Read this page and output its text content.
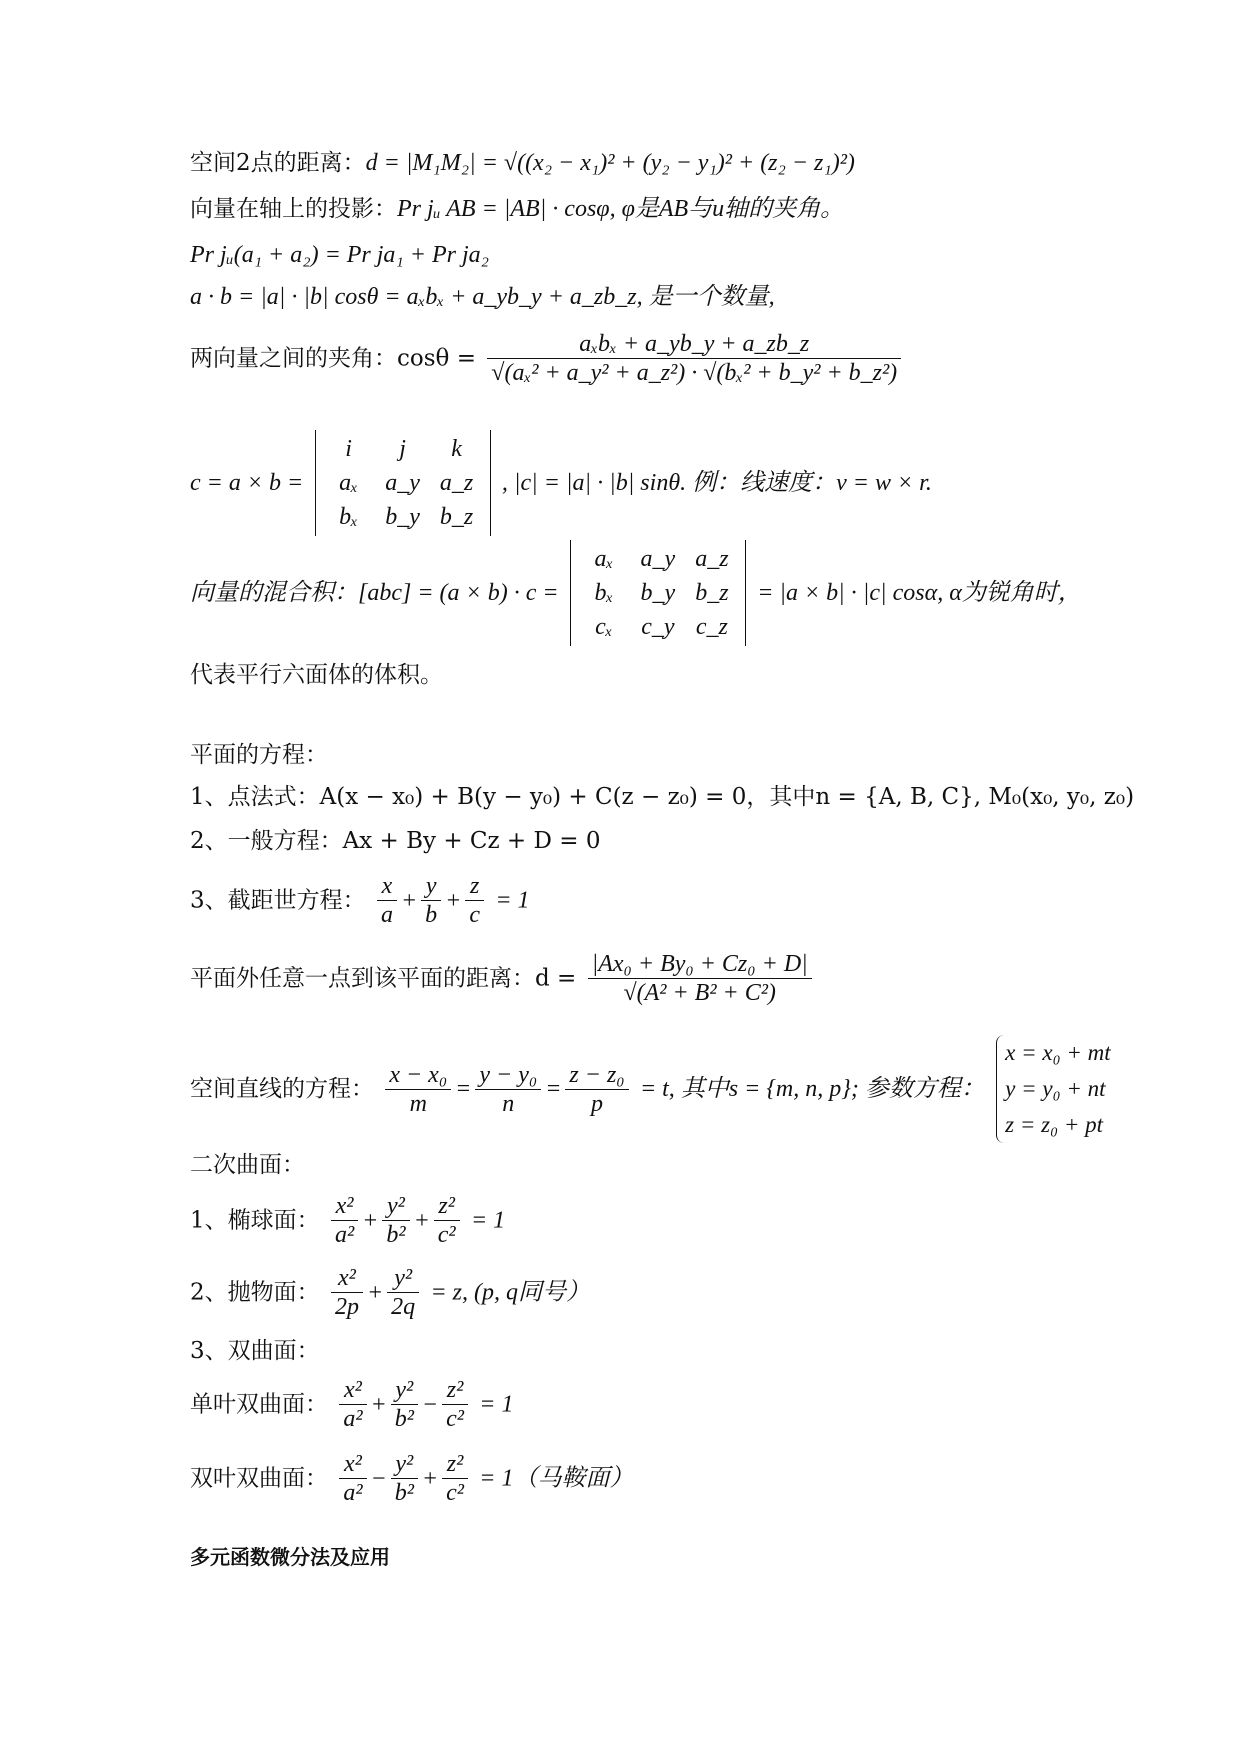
空间2点的距离：d = |M₁M₂| = √((x₂ − x₁)² + (y₂ − y₁)² + (z₂ − z₁)²)
向量在轴上的投影：Pr jᵤ AB = |AB| · cosφ, φ是AB与u轴的夹角。
Pr jᵤ(a₁ + a₂) = Pr ja₁ + Pr ja₂
a · b = |a| · |b| cosθ = aₓbₓ + a_yb_y + a_zb_z, 是一个数量,
两向量之间的夹角：$\cos\theta = \frac{\text{aₓbₓ + a\_yb\_y + a\_zb\_z}}{\text{√(aₓ² + a\_y² + a\_z²) · √(bₓ² + b\_y² + b\_z²)}}$
c = a × b =
i	j	k
aₓ	a_y	a_z
bₓ	b_y	b_z
, |c| = |a| · |b| sinθ. 例：线速度：v = w × r.
向量的混合积：[abc] = (a × b) · c =
aₓ	a_y	a_z
bₓ	b_y	b_z
cₓ	c_y	c_z
= |a × b| · |c| cosα, α为锐角时，
代表平行六面体的体积。
平面的方程：
1、点法式：A(x − x₀) + B(y − y₀) + C(z − z₀) = 0，其中n = {A, B, C}, M₀(x₀, y₀, z₀)
2、一般方程：Ax + By + Cz + D = 0
3、截距世方程： $\frac{x}{a} + \frac{y}{b} + \frac{z}{c} = 1$
平面外任意一点到该平面的距离：$d = \frac{\text{|Ax₀ + By₀ + Cz₀ + D|}}{\text{√(A² + B² + C²)}}$
空间直线的方程： $\frac{\text{x − x₀}}{m} = \frac{\text{y − y₀}}{n} = \frac{\text{z − z₀}}{p} = t$, 其中s = {m, n, p}; 参数方程：
x = x₀ + mt
y = y₀ + nt
z = z₀ + pt
二次曲面：
1、椭球面： $\frac{\text{x²}}{\text{a²}} + \frac{\text{y²}}{\text{b²}} + \frac{\text{z²}}{\text{c²}} = 1$
2、抛物面： $\frac{\text{x²}}{2p} + \frac{\text{y²}}{2q} = z$, (p, q同号）
3、双曲面：
单叶双曲面： $\frac{\text{x²}}{\text{a²}} + \frac{\text{y²}}{\text{b²}} - \frac{\text{z²}}{\text{c²}} = 1$
双叶双曲面： $\frac{\text{x²}}{\text{a²}} - \frac{\text{y²}}{\text{b²}} + \frac{\text{z²}}{\text{c²}} = 1$（马鞍面）
多元函数微分法及应用
